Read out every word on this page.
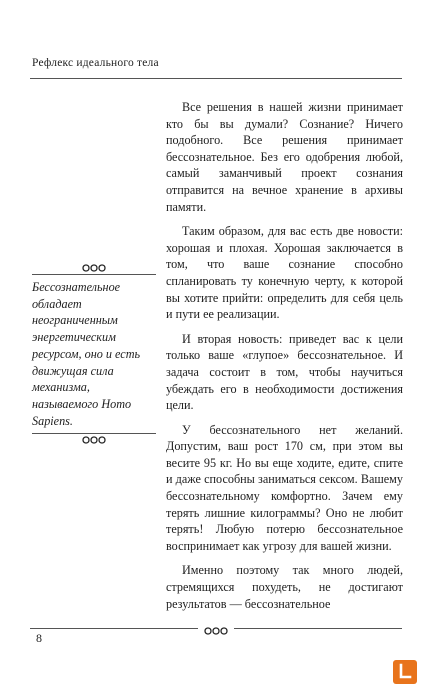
Рефлекс идеального тела

Все решения в нашей жизни принимает кто бы вы думали? Сознание? Ничего подобного. Все решения принимает бессознательное. Без его одобрения любой, самый заманчивый проект сознания отправится на вечное хранение в архивы памяти.

Таким образом, для вас есть две новости: хорошая и плохая. Хорошая заключается в том, что ваше сознание способно спланировать ту конечную черту, к которой вы хотите прийти: определить для себя цель и пути ее реализации.

И вторая новость: приведет вас к цели только ваше «глупое» бессознательное. И задача состоит в том, чтобы научиться убеждать его в необходимости достижения цели.

У бессознательного нет желаний. Допустим, ваш рост 170 см, при этом вы весите 95 кг. Но вы еще ходите, едите, спите и даже способны заниматься сексом. Вашему бессознательному комфортно. Зачем ему терять лишние килограммы? Оно не любит терять! Любую потерю бессознательное воспринимает как угрозу для вашей жизни.

Именно поэтому так много людей, стремящихся похудеть, не достигают результатов — бессознательное

Бессознательное обладает неограниченным энергетическим ресурсом, оно и есть движущая сила механизма, называемого Homo Sapiens.
8
